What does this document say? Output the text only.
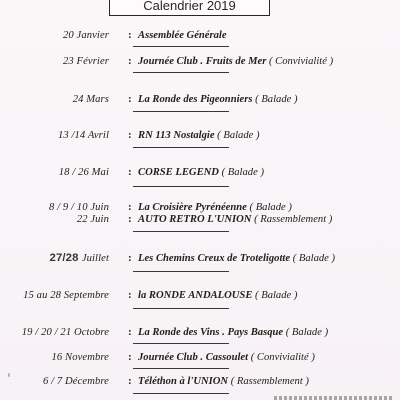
Calendrier 2019
20 Janvier : Assemblée Générale
23 Février : Journée Club . Fruits de Mer ( Convivialité )
24 Mars : La Ronde des Pigeonniers ( Balade )
13 /14 Avril : RN 113 Nostalgie ( Balade )
18 / 26 Mai : CORSE LEGEND ( Balade )
8 / 9 / 10 Juin : La Croisière Pyrénéenne ( Balade )
22 Juin : AUTO RETRO L'UNION ( Rassemblement )
27/28 Juillet : Les Chemins Creux de Troteligotte ( Balade )
15 au 28 Septembre : la RONDE ANDALOUSE ( Balade )
19 / 20 / 21 Octobre : La Ronde des Vins . Pays Basque ( Balade )
16 Novembre : Journée Club . Cassoulet ( Convivialité )
6 / 7 Décembre : Téléthon à l'UNION ( Rassemblement )
